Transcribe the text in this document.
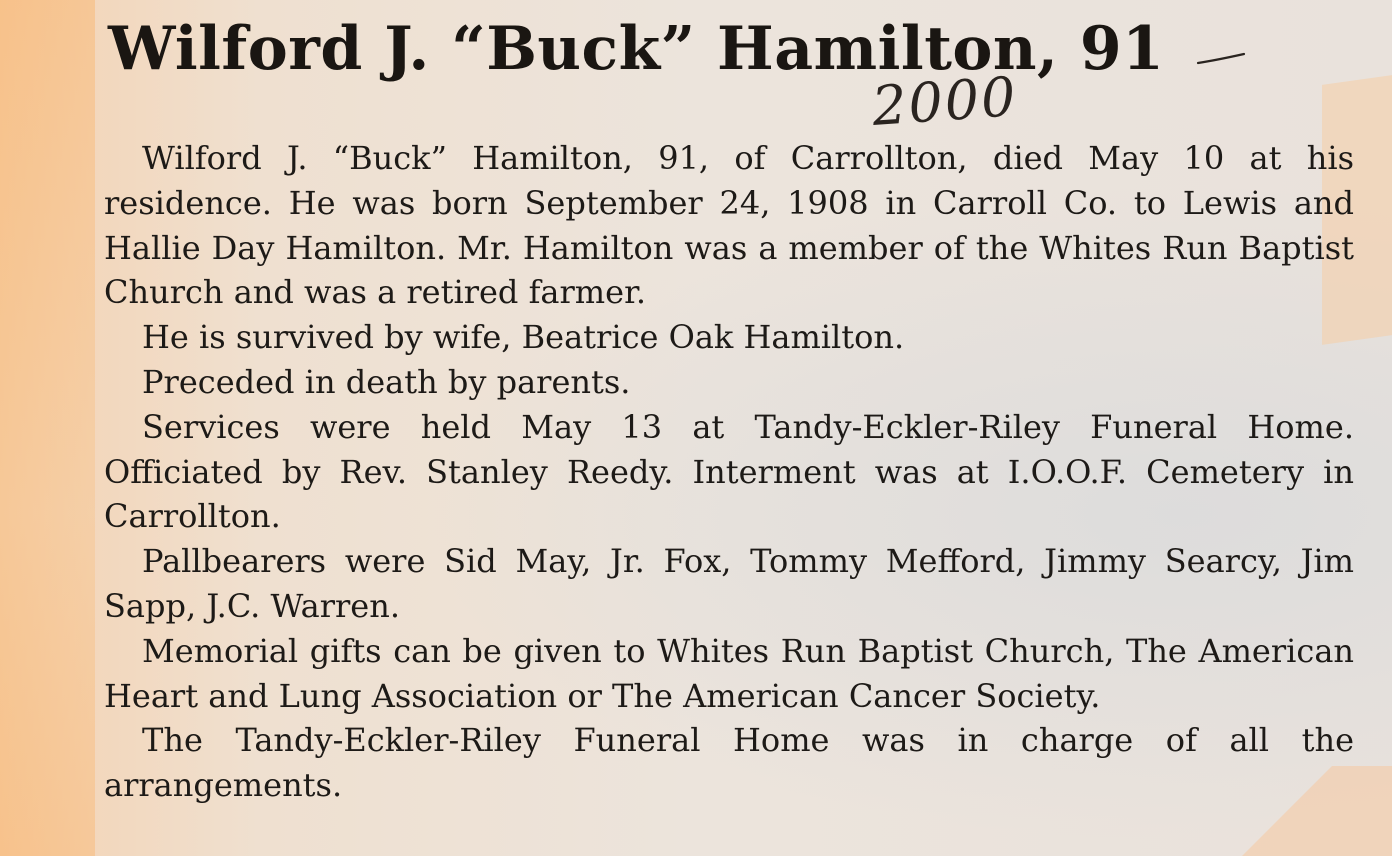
Wilford J. “Buck” Hamilton, 91
2000

Wilford J. “Buck” Hamilton, 91, of Carrollton, died May 10 at his residence. He was born September 24, 1908 in Carroll Co. to Lewis and Hallie Day Hamilton. Mr. Hamilton was a member of the Whites Run Baptist Church and was a retired farmer.

He is survived by wife, Beatrice Oak Hamilton.

Preceded in death by parents.

Services were held May 13 at Tandy-Eckler-Riley Funeral Home. Officiated by Rev. Stanley Reedy. Interment was at I.O.O.F. Cemetery in Carrollton.

Pallbearers were Sid May, Jr. Fox, Tommy Mefford, Jimmy Searcy, Jim Sapp, J.C. Warren.

Memorial gifts can be given to Whites Run Baptist Church, The American Heart and Lung Association or The American Cancer Society.

The Tandy-Eckler-Riley Funeral Home was in charge of all the arrangements.
